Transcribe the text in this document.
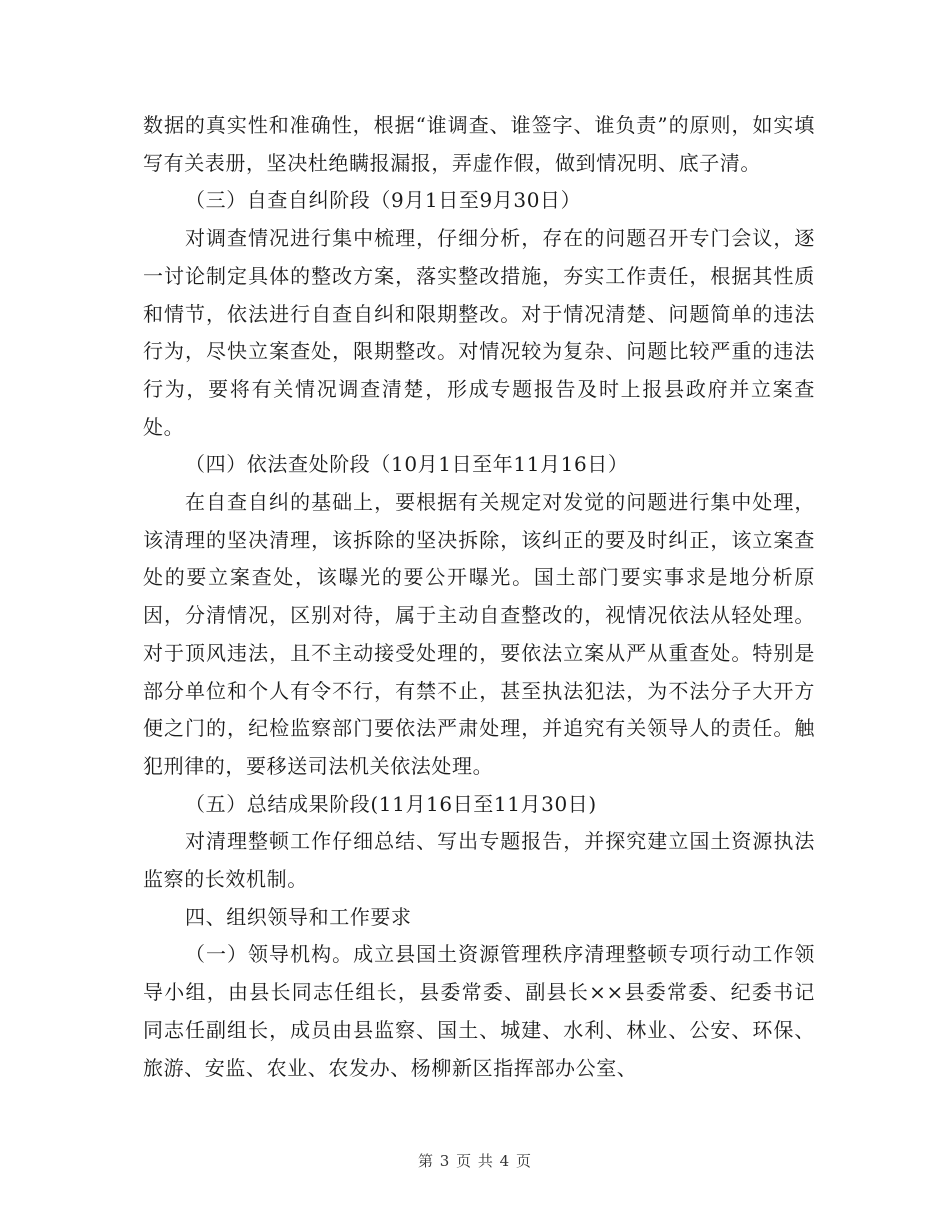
数据的真实性和准确性，根据“谁调查、谁签字、谁负责”的原则，如实填写有关表册，坚决杜绝瞒报漏报，弄虚作假，做到情况明、底子清。

（三）自查自纠阶段（9月1日至9月30日）

对调查情况进行集中梳理，仔细分析，存在的问题召开专门会议，逐一讨论制定具体的整改方案，落实整改措施，夯实工作责任，根据其性质和情节，依法进行自查自纠和限期整改。对于情况清楚、问题简单的违法行为，尽快立案查处，限期整改。对情况较为复杂、问题比较严重的违法行为，要将有关情况调查清楚，形成专题报告及时上报县政府并立案查处。

（四）依法查处阶段（10月1日至年11月16日）

在自查自纠的基础上，要根据有关规定对发觉的问题进行集中处理，该清理的坚决清理，该拆除的坚决拆除，该纠正的要及时纠正，该立案查处的要立案查处，该曝光的要公开曝光。国土部门要实事求是地分析原因，分清情况，区别对待，属于主动自查整改的，视情况依法从轻处理。对于顶风违法，且不主动接受处理的，要依法立案从严从重查处。特别是部分单位和个人有令不行，有禁不止，甚至执法犯法，为不法分子大开方便之门的，纪检监察部门要依法严肃处理，并追究有关领导人的责任。触犯刑律的，要移送司法机关依法处理。

（五）总结成果阶段(11月16日至11月30日)

对清理整顿工作仔细总结、写出专题报告，并探究建立国土资源执法监察的长效机制。

四、组织领导和工作要求

（一）领导机构。成立县国土资源管理秩序清理整顿专项行动工作领导小组，由县长同志任组长，县委常委、副县长××县委常委、纪委书记同志任副组长，成员由县监察、国土、城建、水利、林业、公安、环保、旅游、安监、农业、农发办、杨柳新区指挥部办公室、

第 3 页 共 4 页
